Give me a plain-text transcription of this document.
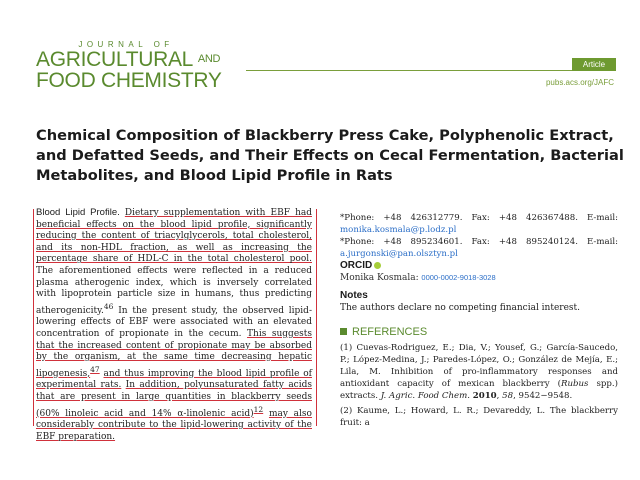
JOURNAL OF
AGRICULTURAL $^{AND}$
FOOD CHEMISTRY
Article
pubs.acs.org/JAFC
Chemical Composition of Blackberry Press Cake, Polyphenolic Extract, and Defatted Seeds, and Their Effects on Cecal Fermentation, Bacterial Metabolites, and Blood Lipid Profile in Rats
Blood Lipid Profile. Dietary supplementation with EBF had beneficial effects on the blood lipid profile, significantly reducing the content of triacylglycerols, total cholesterol, and its non-HDL fraction, as well as increasing the percentage share of HDL-C in the total cholesterol pool. The aforementioned effects were reflected in a reduced plasma atherogenic index, which is inversely correlated with lipoprotein particle size in humans, thus predicting atherogenicity.$^{46}$ In the present study, the observed lipid-lowering effects of EBF were associated with an elevated concentration of propionate in the cecum. This suggests that the increased content of propionate may be absorbed by the organism, at the same time decreasing hepatic lipogenesis,$^{47}$ and thus improving the blood lipid profile of experimental rats. In addition, polyunsaturated fatty acids that are present in large quantities in blackberry seeds (60% linoleic acid and 14% α-linolenic acid)$^{12}$ may also considerably contribute to the lipid-lowering activity of the EBF preparation.

*Phone: +48 426312779. Fax: +48 426367488. E-mail: monika.kosmala@p.lodz.pl

*Phone: +48 895234601. Fax: +48 895240124. E-mail: a.jurgonski@pan.olsztyn.pl

ORCID

Monika Kosmala: 0000-0002-9018-3028

Notes

The authors declare no competing financial interest.

REFERENCES

(1) Cuevas-Rodriguez, E.; Dia, V.; Yousef, G.; García-Saucedo, P.; López-Medina, J.; Paredes-López, O.; González de Mejía, E.; Lila, M. Inhibition of pro-inflammatory responses and antioxidant capacity of mexican blackberry (Rubus spp.) extracts. J. Agric. Food Chem. 2010, 58, 9542−9548.

(2) Kaume, L.; Howard, L. R.; Devareddy, L. The blackberry fruit: a
